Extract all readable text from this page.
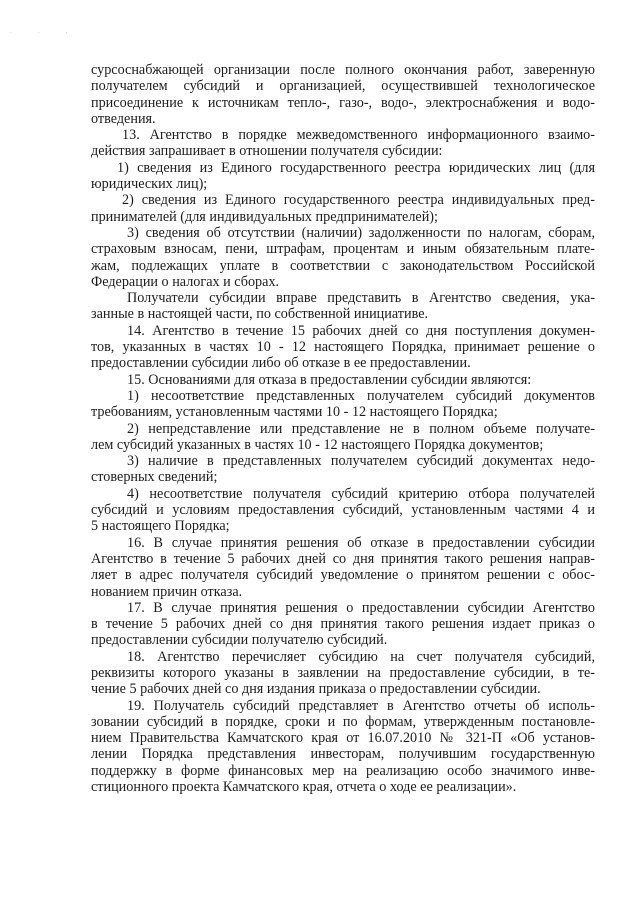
· · ·
сурсоснабжающей организации после полного окончания работ, заверенную
получателем субсидий и организацией, осуществившей технологическое
присоединение к источникам тепло-, газо-, водо-, электроснабжения и водо-
отведения.
13. Агентство в порядке межведомственного информационного взаимо-
действия запрашивает в отношении получателя субсидии:
1) сведения из Единого государственного реестра юридических лиц (для
юридических лиц);
2) сведения из Единого государственного реестра индивидуальных пред-
принимателей (для индивидуальных предпринимателей);
3) сведения об отсутствии (наличии) задолженности по налогам, сборам,
страховым взносам, пени, штрафам, процентам и иным обязательным плате-
жам, подлежащих уплате в соответствии с законодательством Российской
Федерации о налогах и сборах.
Получатели субсидии вправе представить в Агентство сведения, ука-
занные в настоящей части, по собственной инициативе.
14. Агентство в течение 15 рабочих дней со дня поступления докумен-
тов, указанных в частях 10 - 12 настоящего Порядка, принимает решение о
предоставлении субсидии либо об отказе в ее предоставлении.
15. Основаниями для отказа в предоставлении субсидии являются:
1) несоответствие представленных получателем субсидий документов
требованиям, установленным частями 10 - 12 настоящего Порядка;
2) непредставление или представление не в полном объеме получате-
лем субсидий указанных в частях 10 - 12 настоящего Порядка документов;
3) наличие в представленных получателем субсидий документах недо-
стоверных сведений;
4) несоответствие получателя субсидий критерию отбора получателей
субсидий и условиям предоставления субсидий, установленным частями 4 и
5 настоящего Порядка;
16. В случае принятия решения об отказе в предоставлении субсидии
Агентство в течение 5 рабочих дней со дня принятия такого решения направ-
ляет в адрес получателя субсидий уведомление о принятом решении с обос-
нованием причин отказа.
17. В случае принятия решения о предоставлении субсидии Агентство
в течение 5 рабочих дней со дня принятия такого решения издает приказ о
предоставлении субсидии получателю субсидий.
18. Агентство перечисляет субсидию на счет получателя субсидий,
реквизиты которого указаны в заявлении на предоставление субсидии, в те-
чение 5 рабочих дней со дня издания приказа о предоставлении субсидии.
19. Получатель субсидий представляет в Агентство отчеты об исполь-
зовании субсидий в порядке, сроки и по формам, утвержденным постановле-
нием Правительства Камчатского края от 16.07.2010 № 321-П «Об установ-
лении Порядка представления инвесторам, получившим государственную
поддержку в форме финансовых мер на реализацию особо значимого инве-
стиционного проекта Камчатского края, отчета о ходе ее реализации».
